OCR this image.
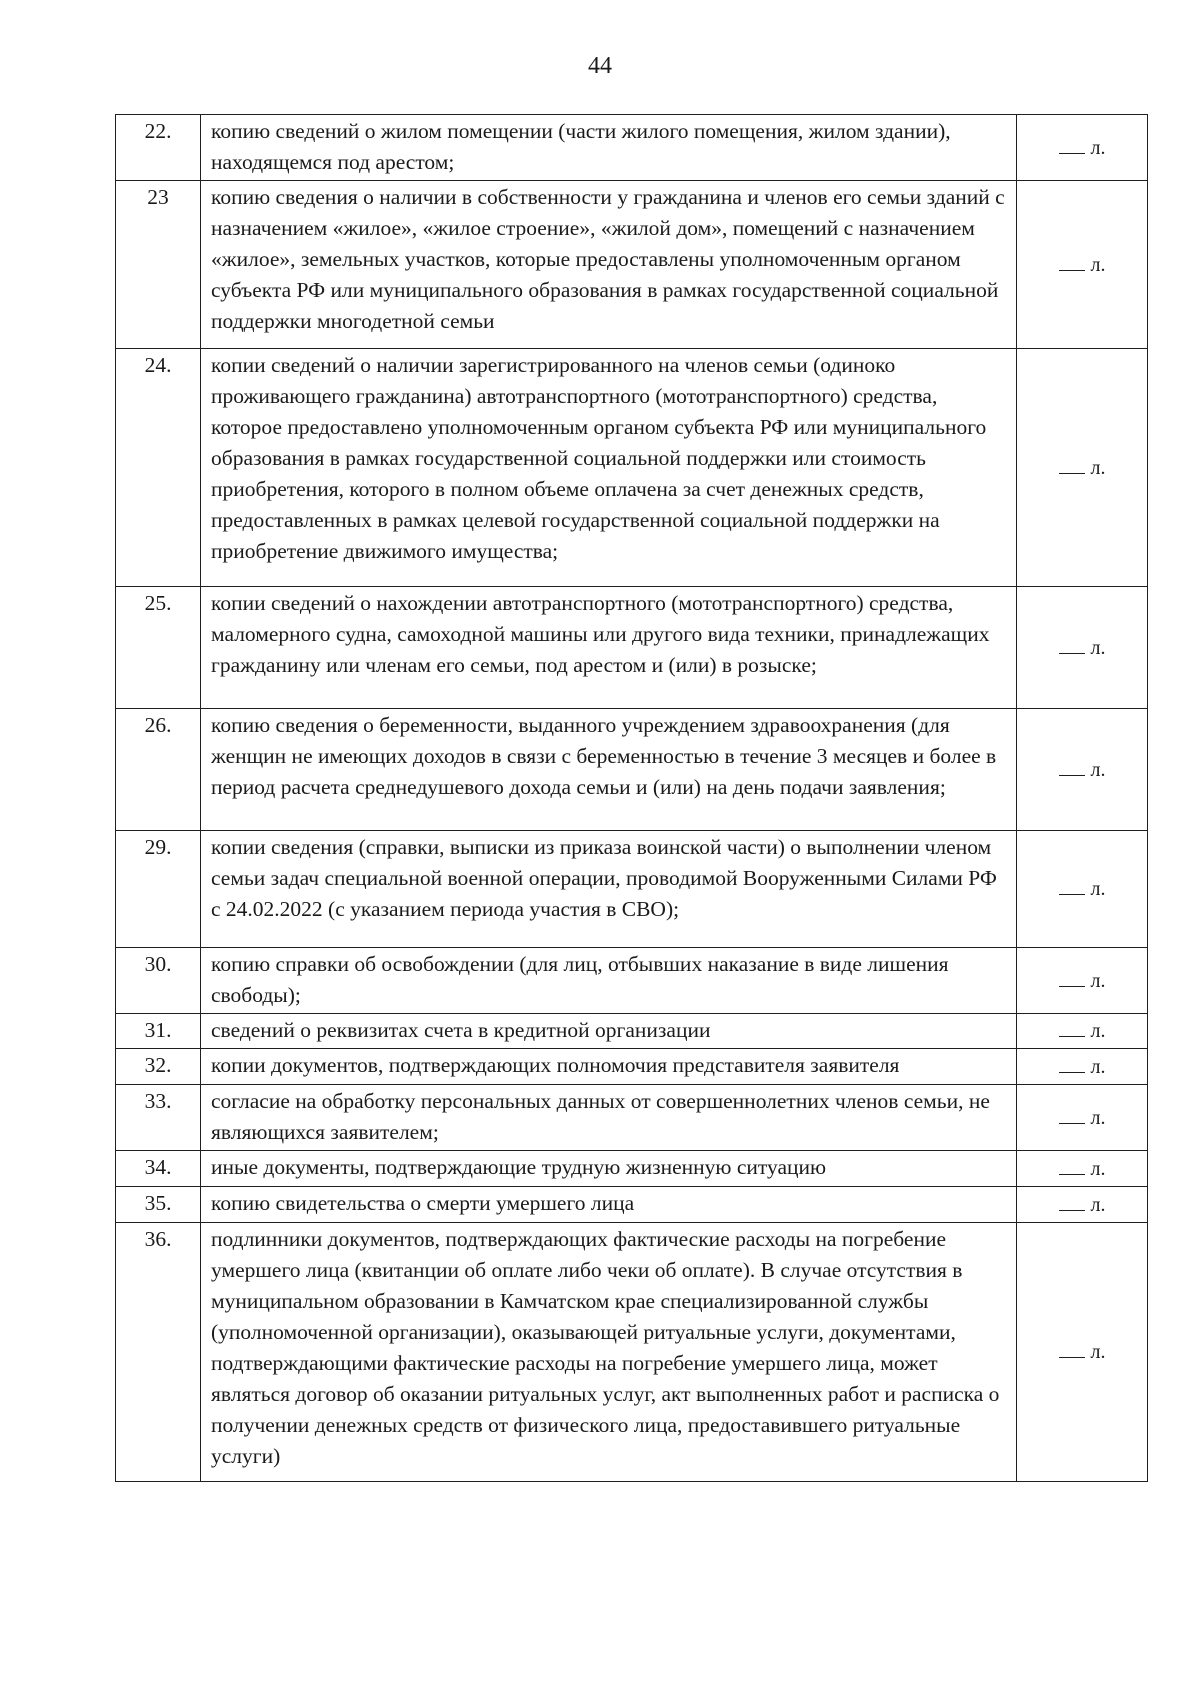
44
22.	копию сведений о жилом помещении (части жилого помещения, жилом здании), находящемся под арестом;	л.
23	копию сведения о наличии в собственности у гражданина и членов его семьи зданий с назначением «жилое», «жилое строение», «жилой дом», помещений с назначением «жилое», земельных участков, которые предоставлены уполномоченным органом субъекта РФ или муниципального образования в рамках государственной социальной поддержки многодетной семьи	л.
24.	копии сведений о наличии зарегистрированного на членов семьи (одиноко проживающего гражданина) автотранспортного (мототранспортного) средства, которое предоставлено уполномоченным органом субъекта РФ или муниципального образования в рамках государственной социальной поддержки или стоимость приобретения, которого в полном объеме оплачена за счет денежных средств, предоставленных в рамках целевой государственной социальной поддержки на приобретение движимого имущества;	л.
25.	копии сведений о нахождении автотранспортного (мототранспортного) средства, маломерного судна, самоходной машины или другого вида техники, принадлежащих гражданину или членам его семьи, под арестом и (или) в розыске;	л.
26.	копию сведения о беременности, выданного учреждением здравоохранения (для женщин не имеющих доходов в связи с беременностью в течение 3 месяцев и более в период расчета среднедушевого дохода семьи и (или) на день подачи заявления;	л.
29.	копии сведения (справки, выписки из приказа воинской части) о выполнении членом семьи задач специальной военной операции, проводимой Вооруженными Силами РФ с 24.02.2022 (с указанием периода участия в СВО);	л.
30.	копию справки об освобождении (для лиц, отбывших наказание в виде лишения свободы);	л.
31.	сведений о реквизитах счета в кредитной организации	л.
32.	копии документов, подтверждающих полномочия представителя заявителя	л.
33.	согласие на обработку персональных данных от совершеннолетних членов семьи, не являющихся заявителем;	л.
34.	иные документы, подтверждающие трудную жизненную ситуацию	л.
35.	копию свидетельства о смерти умершего лица	л.
36.	подлинники документов, подтверждающих фактические расходы на погребение умершего лица (квитанции об оплате либо чеки об оплате). В случае отсутствия в муниципальном образовании в Камчатском крае специализированной службы (уполномоченной организации), оказывающей ритуальные услуги, документами, подтверждающими фактические расходы на погребение умершего лица, может являться договор об оказании ритуальных услуг, акт выполненных работ и расписка о получении денежных средств от физического лица, предоставившего ритуальные услуги)	л.
